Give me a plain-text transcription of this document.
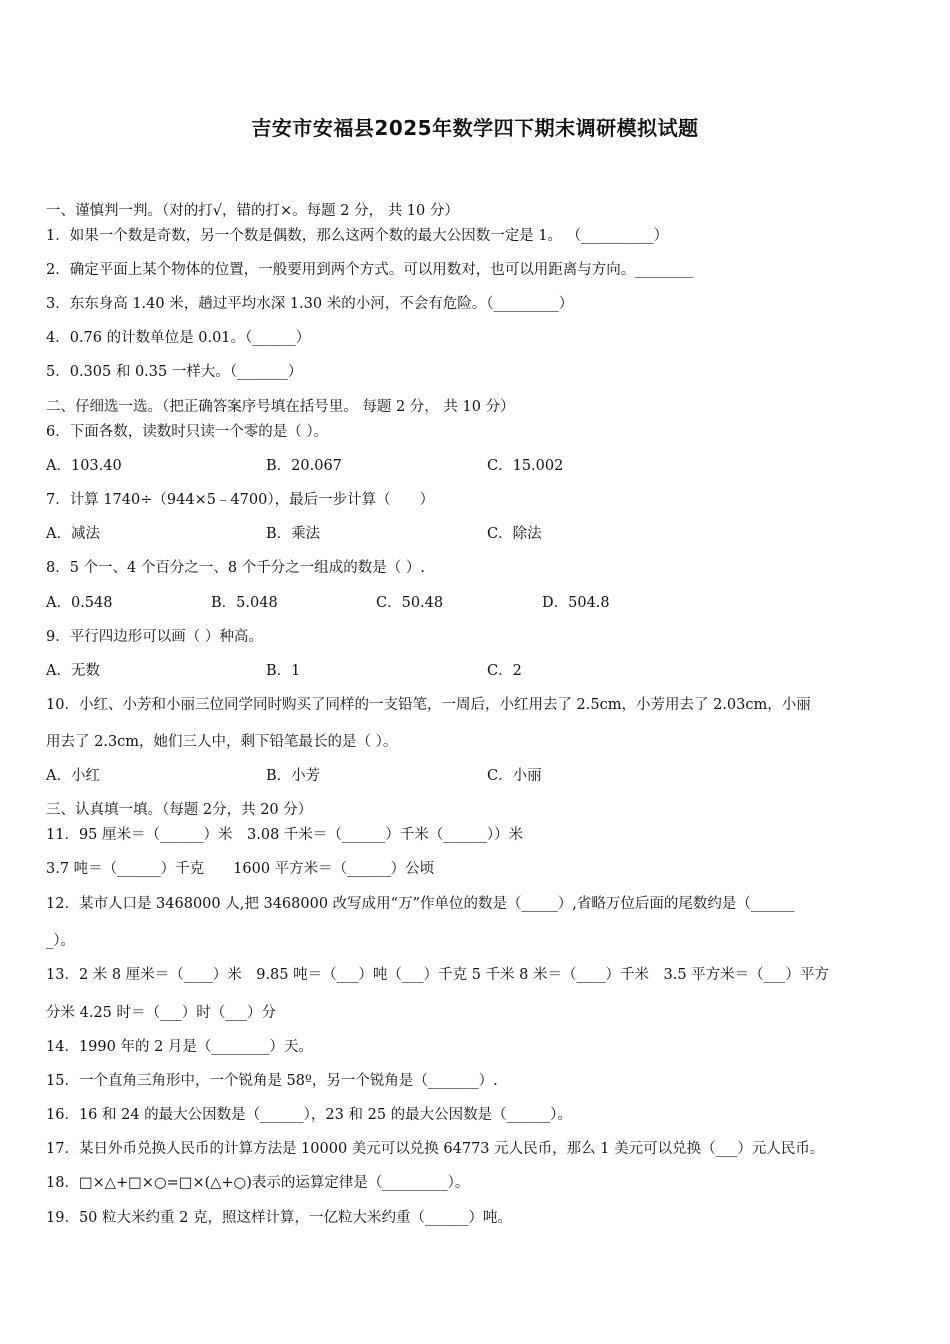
吉安市安福县2025年数学四下期末调研模拟试题
一、谨慎判一判。（对的打√，错的打×。每题 2 分， 共 10 分）
1．如果一个数是奇数，另一个数是偶数，那么这两个数的最大公因数一定是 1。 （__________）
2．确定平面上某个物体的位置，一般要用到两个方式。可以用数对，也可以用距离与方向。________
3．东东身高 1.40 米，趟过平均水深 1.30 米的小河，不会有危险。（_________）
4．0.76 的计数单位是 0.01。（______）
5．0.305 和 0.35 一样大。（_______）
二、仔细选一选。（把正确答案序号填在括号里。 每题 2 分， 共 10 分）
6．下面各数，读数时只读一个零的是（ ）。
A．103.40	B．20.067	C．15.002
7．计算 1740÷（944×5﹣4700），最后一步计算（　　）
A．减法	B．乘法	C．除法
8．5 个一、4 个百分之一、8 个千分之一组成的数是（ ）.
A．0.548	B．5.048	C．50.48	D．504.8
9．平行四边形可以画（ ）种高。
A．无数	B．1	C．2
10．小红、小芳和小丽三位同学同时购买了同样的一支铅笔，一周后，小红用去了 2.5cm，小芳用去了 2.03cm，小丽
用去了 2.3cm，她们三人中，剩下铅笔最长的是（ ）。
A．小红	B．小芳	C．小丽
三、认真填一填。（每题 2分，共 20 分）
11．95 厘米＝（______）米　3.08 千米＝（______）千米（______））米
3.7 吨＝（______）千克　　1600 平方米＝（______）公顷
12．某市人口是 3468000 人,把 3468000 改写成用“万”作单位的数是（_____）,省略万位后面的尾数约是（______
_）。
13．2 米 8 厘米＝（____）米　9.85 吨＝（___）吨（___）千克 5 千米 8 米＝（____）千米　3.5 平方米＝（___）平方
分米 4.25 时＝（___）时（___）分
14．1990 年的 2 月是（________）天。
15．一个直角三角形中，一个锐角是 58º，另一个锐角是（_______）.
16．16 和 24 的最大公因数是（______），23 和 25 的最大公因数是（______）。
17．某日外币兑换人民币的计算方法是 10000 美元可以兑换 64773 元人民币，那么 1 美元可以兑换（___）元人民币。
18．□×△+□×○=□×(△+○)表示的运算定律是（_________）。
19．50 粒大米约重 2 克，照这样计算，一亿粒大米约重（______）吨。
